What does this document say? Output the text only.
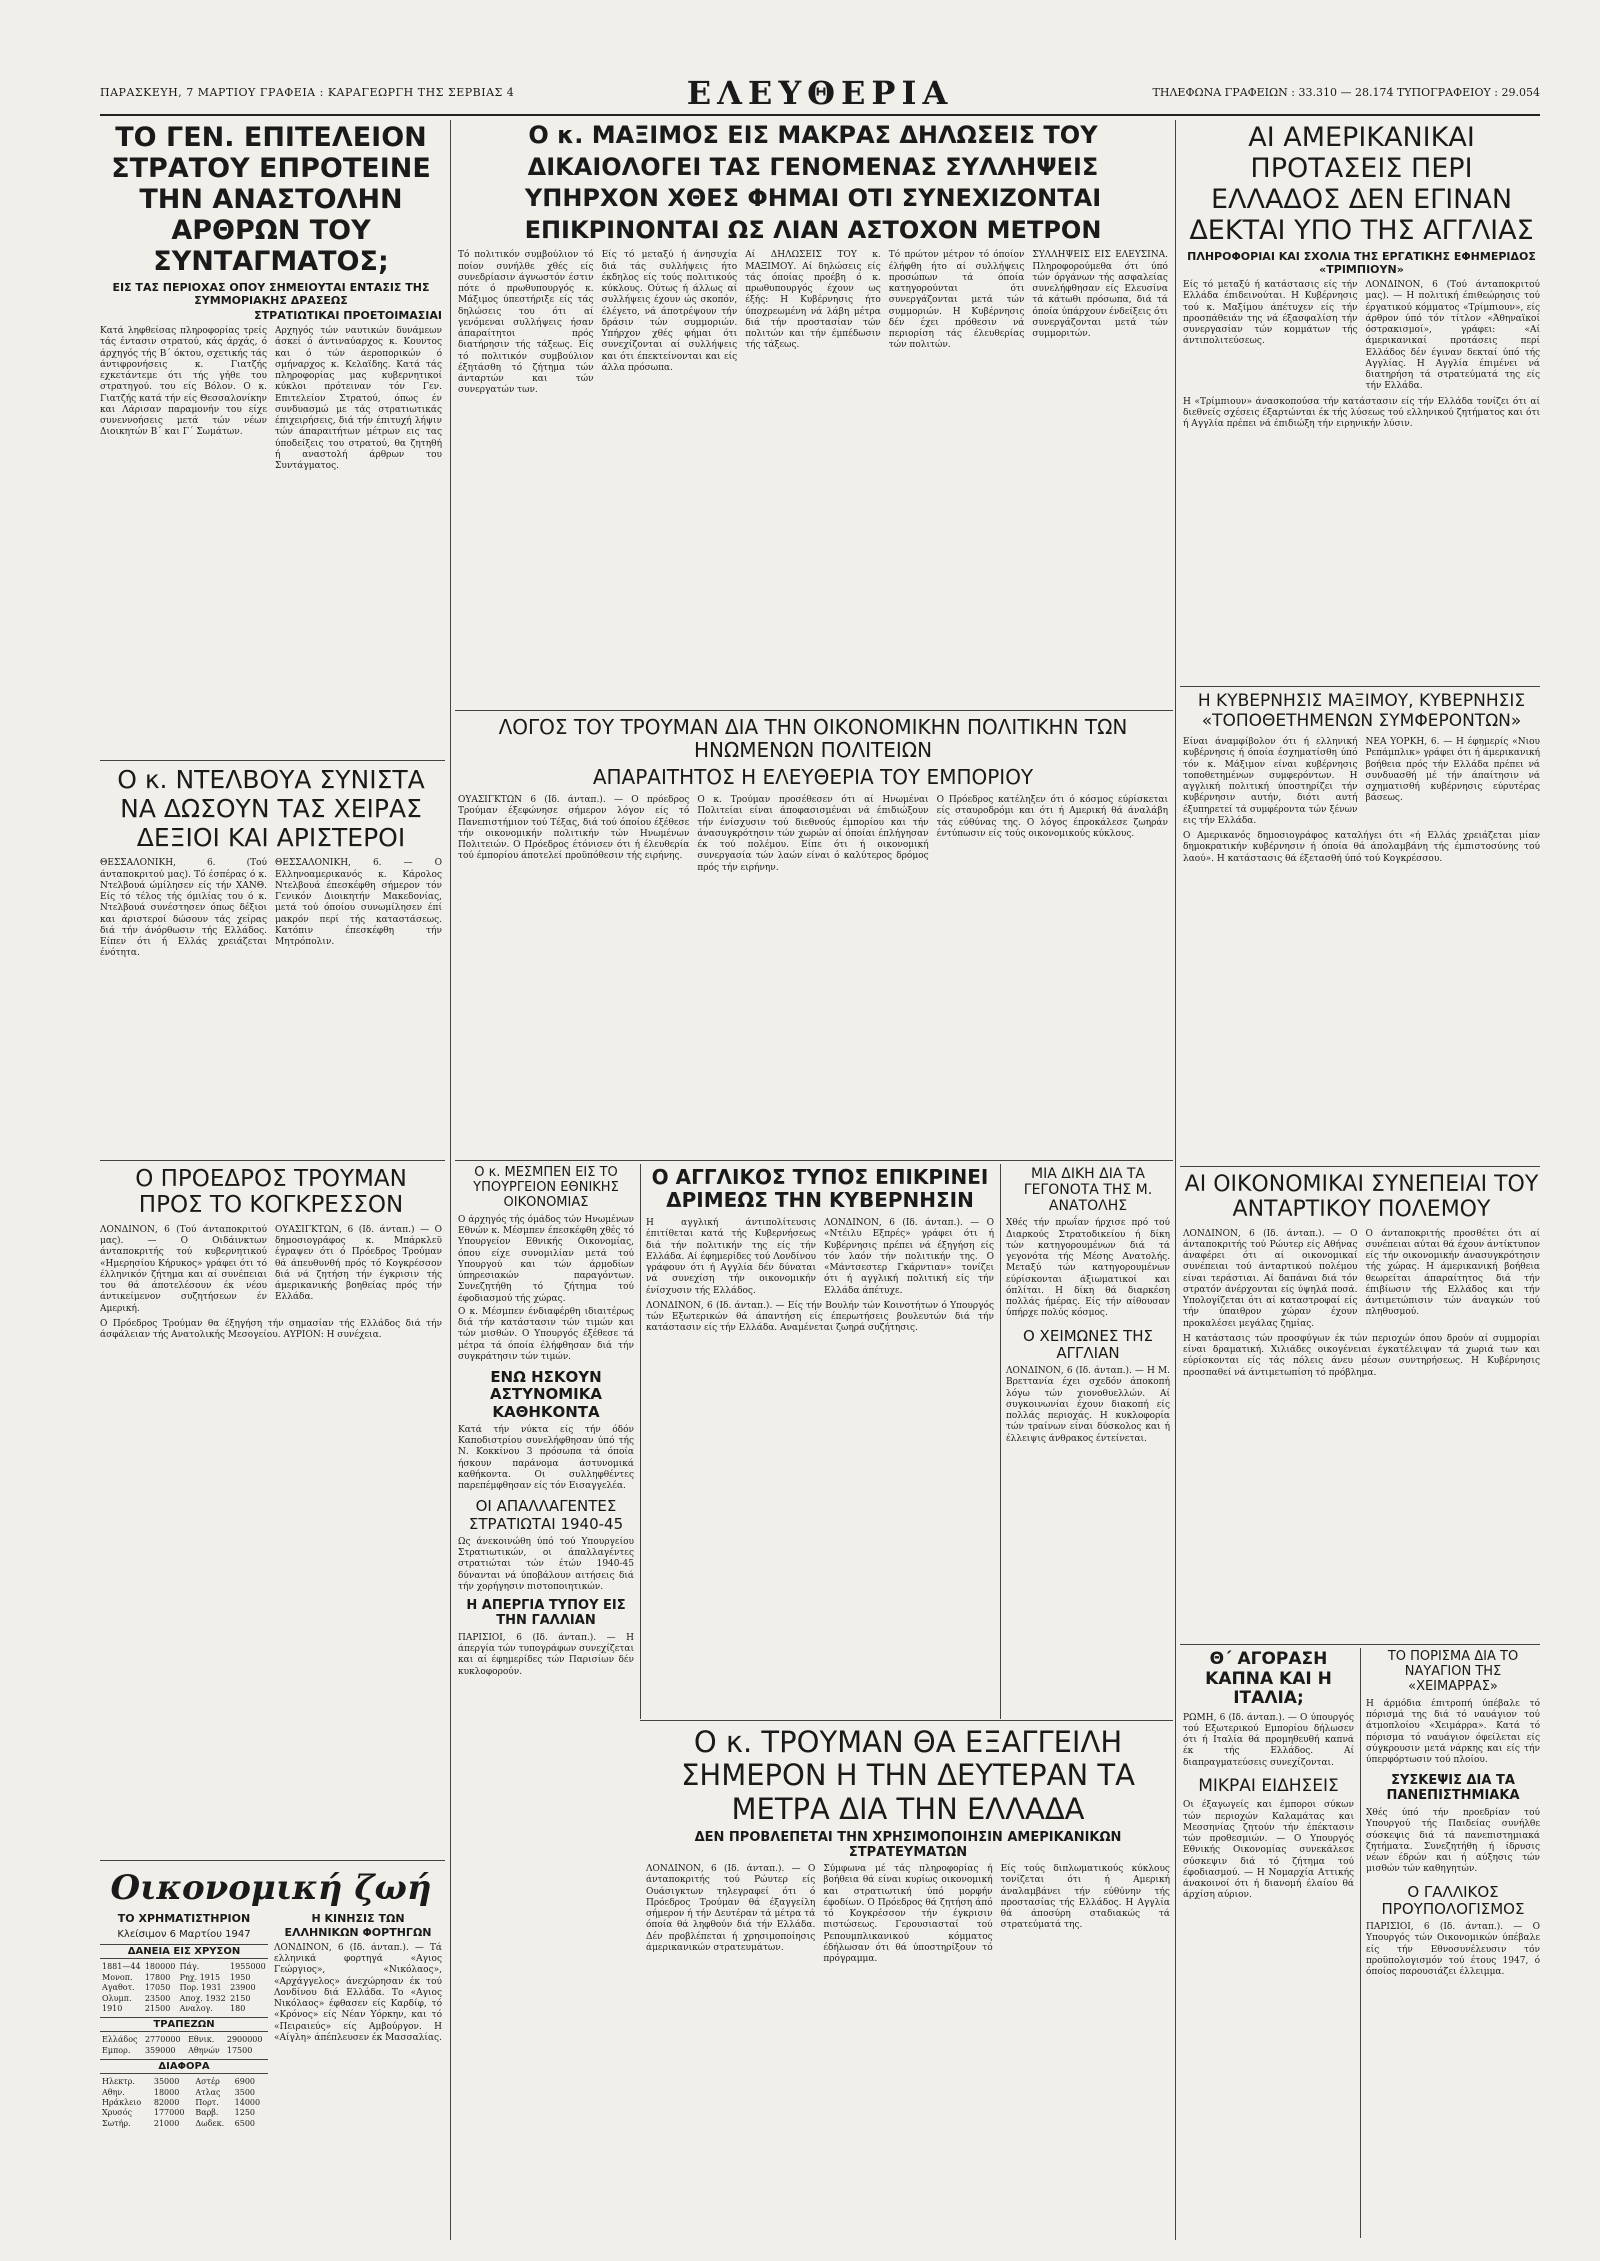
ΠΑΡΑΣΚΕΥΗ, 7 ΜΑΡΤΙΟΥ ΓΡΑΦΕΙΑ : ΚΑΡΑΓΕΩΡΓΗ ΤΗΣ ΣΕΡΒΙΑΣ 4	ΕΛΕΥΘΕΡΙΑ	ΤΗΛΕΦΩΝΑ ΓΡΑΦΕΙΩΝ : 33.310 — 28.174 ΤΥΠΟΓΡΑΦΕΙΟΥ : 29.054
ΤΟ ΓΕΝ. ΕΠΙΤΕΛΕΙΟΝ ΣΤΡΑΤΟΥ ΕΠΡΟΤΕΙΝΕ ΤΗΝ ΑΝΑΣΤΟΛΗΝ ΑΡΘΡΩΝ ΤΟΥ ΣΥΝΤΑΓΜΑΤΟΣ;
ΕΙΣ ΤΑΣ ΠΕΡΙΟΧΑΣ ΟΠΟΥ ΣΗΜΕΙΟΥΤΑΙ ΕΝΤΑΣΙΣ ΤΗΣ ΣΥΜΜΟΡΙΑΚΗΣ ΔΡΑΣΕΩΣ
ΣΤΡΑΤΙΩΤΙΚΑΙ ΠΡΟΕΤΟΙΜΑΣΙΑΙ
Κατά ληφθείσας πληροφορίας τρείς τάς έντασιν στρατού, κάς άρχάς, ό άρχηγός τής Β΄ όκτου, σχετικής τάς άντιφρονήσεις κ. Γιατζής εχκετάντεμε ότι τής γήθε του στρατηγού. του είς Βόλον. Ο κ. Γιατζής κατά τήν είς Θεσσαλονίκην και Λάρισαν παραμονήν του είχε συνεννοήσεις μετά τών νέων Διοικητών Β΄ και Γ΄ Σωμάτων.
Αρχηγός τών ναυτικών δυνάμεων άσκεί ό άντιναύαρχος κ. Κουντος και ό τών άεροπορικών ό σμήναρχος κ. Κελαϊδης. Κατά τάς πληροφορίας μας κυβερνητικοί κύκλοι πρότειναν τόν Γεν. Επιτελείον Στρατού, όπως έν συνδυασμώ με τάς στρατιωτικάς έπιχειρήσεις, διά τήν έπιτυχή λήψιν τών άπαραιτήτων μέτρων εις τας ύποδείξεις του στρατού, θα ζητηθή ή αναστολή άρθρων του Συντάγματος.
Ο κ. ΝΤΕΛΒΟΥΑ ΣΥΝΙΣΤΑ ΝΑ ΔΩΣΟΥΝ ΤΑΣ ΧΕΙΡΑΣ ΔΕΞΙΟΙ ΚΑΙ ΑΡΙΣΤΕΡΟΙ
ΘΕΣΣΑΛΟΝΙΚΗ, 6. (Τού άνταποκριτού μας). Τό έσπέρας ό κ. Ντελβουά ώμίλησεν είς τήν ΧΑΝΘ. Είς τό τέλος τής όμιλίας του ό κ. Ντελβουά συνέστησεν όπως δέξιοι και άριστεροί δώσουν τάς χείρας διά τήν άνόρθωσιν τής Ελλάδος. Είπεν ότι ή Ελλάς χρειάζεται ένότητα.
ΘΕΣΣΑΛΟΝΙΚΗ, 6. — Ο Ελληνοαμερικανός κ. Κάρολος Ντελβουά έπεσκέφθη σήμερον τόν Γενικόν Διοικητήν Μακεδονίας, μετά τού όποίου συνωμίλησεν έπί μακρόν περί τής καταστάσεως. Κατόπιν έπεσκέφθη τήν Μητρόπολιν.
Ο ΠΡΟΕΔΡΟΣ ΤΡΟΥΜΑΝ ΠΡΟΣ ΤΟ ΚΟΓΚΡΕΣΣΟΝ
ΛΟΝΔΙΝΟΝ, 6 (Τού άνταποκριτού μας). — Ο Οιδάινκτων άνταποκριτής τού κυβερνητικού «Ημερησίου Κήρυκος» γράφει ότι τό έλληνικόν ζήτημα και αί συνέπειαι του θά άποτελέσουν έκ νέου άντικείμενον συζητήσεων έν Αμερική.
ΟΥΑΣΙΓΚΤΩΝ, 6 (Ιδ. άνταπ.) — Ο δημοσιογράφος κ. Μπάρκλεϋ έγραψεν ότι ό Πρόεδρος Τρούμαν θά άπευθυνθή πρός τό Κογκρέσσον διά νά ζητήση τήν έγκρισιν τής άμερικανικής βοηθείας πρός τήν Ελλάδα.
Ο Πρόεδρος Τρούμαν θα έξηγήση τήν σημασίαν τής Ελλάδος διά τήν άσφάλειαν τής Ανατολικής Μεσογείου. ΑΥΡΙΟΝ: Η συνέχεια.
Οικονομική ζωή
ΤΟ ΧΡΗΜΑΤΙΣΤΗΡΙΟΝ
Κλείσιμον 6 Μαρτίου 1947
ΔΑΝΕΙΑ ΕΙΣ ΧΡΥΣΟΝ
1881—44	180000	Πάγ.	1955000
Μονοπ.	17800	Ρηχ. 1915	1950
Αγαθοτ.	17050	Πορ. 1931	23900
Ολυμπ.	23500	Αποχ. 1932	2150
1910	21500	Αναλογ.	180
ΤΡΑΠΕΖΩΝ
Ελλάδος	2770000	Εθνικ.	2900000
Εμπορ.	359000	Αθηνών	17500
ΔΙΑΦΟΡΑ
Ηλεκτρ.	35000	Αστέρ	6900
Αθην.	18000	Ατλας	3500
Ηράκλειο	82000	Πορτ.	14000
Χρυσός	177000	Βαρβ.	1250
Σωτήρ.	21000	Δωδεκ.	6500
Η ΚΙΝΗΣΙΣ ΤΩΝ ΕΛΛΗΝΙΚΩΝ ΦΟΡΤΗΓΩΝ
ΛΟΝΔΙΝΟΝ, 6 (Ιδ. άνταπ.). — Τά ελληνικά φορτηγά «Αγιος Γεώργιος», «Νικόλαος», «Αρχάγγελος» άνεχώρησαν έκ τού Λονδίνου διά Ελλάδα. Το «Αγιος Νικόλαος» έφθασεν είς Καρδίφ, τό «Κρόνος» είς Νέαν Υόρκην, και τό «Πειραιεύς» είς Αμβούργον. Η «Αίγλη» άπέπλευσεν έκ Μασσαλίας.
Ο κ. ΜΑΞΙΜΟΣ ΕΙΣ ΜΑΚΡΑΣ ΔΗΛΩΣΕΙΣ ΤΟΥ
ΔΙΚΑΙΟΛΟΓΕΙ ΤΑΣ ΓΕΝΟΜΕΝΑΣ ΣΥΛΛΗΨΕΙΣ
ΥΠΗΡΧΟΝ ΧΘΕΣ ΦΗΜΑΙ ΟΤΙ ΣΥΝΕΧΙΖΟΝΤΑΙ
ΕΠΙΚΡΙΝΟΝΤΑΙ ΩΣ ΛΙΑΝ ΑΣΤΟΧΟΝ ΜΕΤΡΟΝ
Τό πολιτικόν συμβούλιον τό ποίον συνήλθε χθές είς συνεδρίασιν άγνωστόν έστιν πότε ό πρωθυπουργός κ. Μάξιμος ύπεστήριξε είς τάς δηλώσεις του ότι αί γενόμεναι συλλήψεις ήσαν άπαραίτητοι πρός διατήρησιν τής τάξεως. Είς τό πολιτικόν συμβούλιον έξητάσθη τό ζήτημα τών άνταρτών και τών συνεργατών των.
Είς τό μεταξύ ή άνησυχία διά τάς συλλήψεις ήτο έκδηλος είς τούς πολιτικούς κύκλους. Ούτως ή άλλως αί συλλήψεις έχουν ώς σκοπόν, έλέγετο, νά άποτρέψουν τήν δράσιν τών συμμοριών. Υπήρχον χθές φήμαι ότι συνεχίζονται αί συλλήψεις και ότι έπεκτείνονται και είς άλλα πρόσωπα.
Αί ΔΗΛΩΣΕΙΣ ΤΟΥ κ. ΜΑΞΙΜΟΥ. Αί δηλώσεις είς τάς όποίας προέβη ό κ. πρωθυπουργός έχουν ως έξής: Η Κυβέρνησις ήτο ύποχρεωμένη νά λάβη μέτρα διά τήν προστασίαν τών πολιτών και τήν έμπέδωσιν τής τάξεως.
Τό πρώτον μέτρον τό όποίον έλήφθη ήτο αί συλλήψεις προσώπων τά όποία κατηγορούνται ότι συνεργάζονται μετά τών συμμοριών. Η Κυβέρνησις δέν έχει πρόθεσιν νά περιορίση τάς έλευθερίας τών πολιτών.
ΣΥΛΛΗΨΕΙΣ ΕΙΣ ΕΛΕΥΣΙΝΑ. Πληροφορούμεθα ότι ύπό τών όργάνων τής ασφαλείας συνελήφθησαν είς Ελευσίνα τά κάτωθι πρόσωπα, διά τά όποία ύπάρχουν ένδείξεις ότι συνεργάζονται μετά τών συμμοριτών.
ΛΟΓΟΣ ΤΟΥ ΤΡΟΥΜΑΝ ΔΙΑ ΤΗΝ ΟΙΚΟΝΟΜΙΚΗΝ ΠΟΛΙΤΙΚΗΝ ΤΩΝ ΗΝΩΜΕΝΩΝ ΠΟΛΙΤΕΙΩΝ
ΑΠΑΡΑΙΤΗΤΟΣ Η ΕΛΕΥΘΕΡΙΑ ΤΟΥ ΕΜΠΟΡΙΟΥ
ΟΥΑΣΙΓΚΤΩΝ 6 (Ιδ. άνταπ.). — Ο πρόεδρος Τρούμαν έξεφώνησε σήμερον λόγον είς τό Πανεπιστήμιον τού Τέξας, διά τού όποίου έξέθεσε τήν οικονομικήν πολιτικήν τών Ηνωμένων Πολιτειών. Ο Πρόεδρος έτόνισεν ότι ή έλευθερία τού έμπορίου άποτελεί προϋπόθεσιν τής ειρήνης.
Ο κ. Τρούμαν προσέθεσεν ότι αί Ηνωμέναι Πολιτείαι είναι άποφασισμέναι νά έπιδιώξουν τήν ένίσχυσιν τού διεθνούς έμπορίου και τήν άνασυγκρότησιν τών χωρών αί όποίαι έπλήγησαν έκ τού πολέμου. Είπε ότι ή οικονομική συνεργασία τών λαών είναι ό καλύτερος δρόμος πρός τήν ειρήνην.
Ο Πρόεδρος κατέληξεν ότι ό κόσμος εύρίσκεται είς σταυροδρόμι και ότι ή Αμερική θά άναλάβη τάς εύθύνας της. Ο λόγος έπροκάλεσε ζωηράν έντύπωσιν είς τούς οικονομικούς κύκλους.
Ο κ. ΜΕΣΜΠΕΝ ΕΙΣ ΤΟ ΥΠΟΥΡΓΕΙΟΝ ΕΘΝΙΚΗΣ ΟΙΚΟΝΟΜΙΑΣ
Ο άρχηγός τής όμάδος τών Ηνωμένων Εθνών κ. Μέσμπεν έπεσκέφθη χθές τό Υπουργείον Εθνικής Οικονομίας, όπου είχε συνομιλίαν μετά τού Υπουργού και τών άρμοδίων ύπηρεσιακών παραγόντων. Συνεζητήθη τό ζήτημα τού έφοδιασμού τής χώρας.
Ο κ. Μέσμπεν ένδιαφέρθη ιδιαιτέρως διά τήν κατάστασιν τών τιμών και τών μισθών. Ο Υπουργός έξέθεσε τά μέτρα τά όποία έλήφθησαν διά τήν συγκράτησιν τών τιμών.
ΕΝΩ ΗΣΚΟΥΝ ΑΣΤΥΝΟΜΙΚΑ ΚΑΘΗΚΟΝΤΑ
Κατά τήν νύκτα είς τήν όδόν Καποδιστρίου συνελήφθησαν ύπό τής Ν. Κοκκίνου 3 πρόσωπα τά όποία ήσκουν παράνομα άστυνομικά καθήκοντα. Οι συλληφθέντες παρεπέμφθησαν είς τόν Εισαγγελέα.
ΟΙ ΑΠΑΛΛΑΓΕΝΤΕΣ ΣΤΡΑΤΙΩΤΑΙ 1940-45
Ως άνεκοινώθη ύπό τού Υπουργείου Στρατιωτικών, οι άπαλλαγέντες στρατιώται τών έτών 1940-45 δύνανται νά ύποβάλουν αιτήσεις διά τήν χορήγησιν πιστοποιητικών.
Η ΑΠΕΡΓΙΑ ΤΥΠΟΥ ΕΙΣ ΤΗΝ ΓΑΛΛΙΑΝ
ΠΑΡΙΣΙΟΙ, 6 (Ιδ. άνταπ.). — Η άπεργία τών τυπογράφων συνεχίζεται και αί έφημερίδες τών Παρισίων δέν κυκλοφορούν.
Ο ΑΓΓΛΙΚΟΣ ΤΥΠΟΣ ΕΠΙΚΡΙΝΕΙ ΔΡΙΜΕΩΣ ΤΗΝ ΚΥΒΕΡΝΗΣΙΝ
Η αγγλική άντιπολίτευσις έπιτίθεται κατά τής Κυβερνήσεως διά τήν πολιτικήν της είς τήν Ελλάδα. Αί έφημερίδες τού Λονδίνου γράφουν ότι ή Αγγλία δέν δύναται νά συνεχίση τήν οικονομικήν ένίσχυσιν τής Ελλάδος.
ΛΟΝΔΙΝΟΝ, 6 (Ιδ. άνταπ.). — Ο «Ντέιλυ Εξπρές» γράφει ότι ή Κυβέρνησις πρέπει νά έξηγήση είς τόν λαόν τήν πολιτικήν της. Ο «Μάντσεστερ Γκάρντιαν» τονίζει ότι ή αγγλική πολιτική είς τήν Ελλάδα άπέτυχε.
ΛΟΝΔΙΝΟΝ, 6 (Ιδ. άνταπ.). — Είς τήν Βουλήν τών Κοινοτήτων ό Υπουργός τών Εξωτερικών θά άπαντήση είς έπερωτήσεις βουλευτών διά τήν κατάστασιν είς τήν Ελλάδα. Αναμένεται ζωηρά συζήτησις.
ΜΙΑ ΔΙΚΗ ΔΙΑ ΤΑ ΓΕΓΟΝΟΤΑ ΤΗΣ Μ. ΑΝΑΤΟΛΗΣ
Χθές τήν πρωΐαν ήρχισε πρό τού Διαρκούς Στρατοδικείου ή δίκη τών κατηγορουμένων διά τά γεγονότα τής Μέσης Ανατολής. Μεταξύ τών κατηγορουμένων εύρίσκονται άξιωματικοί και όπλίται. Η δίκη θά διαρκέση πολλάς ήμέρας. Είς τήν αίθουσαν ύπήρχε πολύς κόσμος.
Ο ΧΕΙΜΩΝΕΣ ΤΗΣ ΑΓΓΛΙΑΝ
ΛΟΝΔΙΝΟΝ, 6 (Ιδ. άνταπ.). — Η Μ. Βρεττανία έχει σχεδόν άποκοπή λόγω τών χιονοθυελλών. Αί συγκοινωνίαι έχουν διακοπή είς πολλάς περιοχάς. Η κυκλοφορία τών τραίνων είναι δύσκολος και ή έλλειψις άνθρακος έντείνεται.
Ο κ. ΤΡΟΥΜΑΝ ΘΑ ΕΞΑΓΓΕΙΛΗ ΣΗΜΕΡΟΝ Η ΤΗΝ ΔΕΥΤΕΡΑΝ ΤΑ ΜΕΤΡΑ ΔΙΑ ΤΗΝ ΕΛΛΑΔΑ
ΔΕΝ ΠΡΟΒΛΕΠΕΤΑΙ ΤΗΝ ΧΡΗΣΙΜΟΠΟΙΗΣΙΝ ΑΜΕΡΙΚΑΝΙΚΩΝ ΣΤΡΑΤΕΥΜΑΤΩΝ
ΛΟΝΔΙΝΟΝ, 6 (Ιδ. άνταπ.). — Ο άνταποκριτής τού Ρώυτερ είς Ουάσιγκτων τηλεγραφεί ότι ό Πρόεδρος Τρούμαν θά έξαγγείλη σήμερον ή τήν Δευτέραν τά μέτρα τά όποία θά ληφθούν διά τήν Ελλάδα. Δέν προβλέπεται ή χρησιμοποίησις άμερικανικών στρατευμάτων.
Σύμφωνα μέ τάς πληροφορίας ή βοήθεια θά είναι κυρίως οικονομική και στρατιωτική ύπό μορφήν έφοδίων. Ο Πρόεδρος θά ζητήση άπό τό Κογκρέσσον τήν έγκρισιν πιστώσεως. Γερουσιασταί τού Ρεπουμπλικανικού κόμματος έδήλωσαν ότι θά ύποστηρίξουν τό πρόγραμμα.
Είς τούς διπλωματικούς κύκλους τονίζεται ότι ή Αμερική άναλαμβάνει τήν εύθύνην τής προστασίας τής Ελλάδος. Η Αγγλία θά άποσύρη σταδιακώς τά στρατεύματά της.
ΑΙ ΑΜΕΡΙΚΑΝΙΚΑΙ ΠΡΟΤΑΣΕΙΣ ΠΕΡΙ ΕΛΛΑΔΟΣ ΔΕΝ ΕΓΙΝΑΝ ΔΕΚΤΑΙ ΥΠΟ ΤΗΣ ΑΓΓΛΙΑΣ
ΠΛΗΡΟΦΟΡΙΑΙ ΚΑΙ ΣΧΟΛΙΑ ΤΗΣ ΕΡΓΑΤΙΚΗΣ ΕΦΗΜΕΡΙΔΟΣ «ΤΡΙΜΠΙΟΥΝ»
Είς τό μεταξύ ή κατάστασις είς τήν Ελλάδα έπιδεινούται. Η Κυβέρνησις τού κ. Μαξίμου άπέτυχεν είς τήν προσπάθειάν της νά έξασφαλίση τήν συνεργασίαν τών κομμάτων τής άντιπολιτεύσεως.
ΛΟΝΔΙΝΟΝ, 6 (Τού άνταποκριτού μας). — Η πολιτική έπιθεώρησις τού έργατικού κόμματος «Τρίμπιουν», είς άρθρον ύπό τόν τίτλον «Άθηναϊκοί όστρακισμοί», γράφει: «Αί άμερικανικαί προτάσεις περί Ελλάδος δέν έγιναν δεκταί ύπό τής Αγγλίας. Η Αγγλία έπιμένει νά διατηρήση τά στρατεύματά της είς τήν Ελλάδα.
Η «Τρίμπιουν» άνασκοπούσα τήν κατάστασιν είς τήν Ελλάδα τονίζει ότι αί διεθνείς σχέσεις έξαρτώνται έκ τής λύσεως τού ελληνικού ζητήματος και ότι ή Αγγλία πρέπει νά έπιδιώξη τήν ειρηνικήν λύσιν.
Η ΚΥΒΕΡΝΗΣΙΣ ΜΑΞΙΜΟΥ, ΚΥΒΕΡΝΗΣΙΣ «ΤΟΠΟΘΕΤΗΜΕΝΩΝ ΣΥΜΦΕΡΟΝΤΩΝ»
Είναι άναμφίβολον ότι ή ελληνική κυβέρνησις ή όποία έσχηματίσθη ύπό τόν κ. Μάξιμον είναι κυβέρνησις τοποθετημένων συμφερόντων. Η αγγλική πολιτική ύποστηρίζει τήν κυβέρνησιν αυτήν, διότι αυτή έξυπηρετεί τά συμφέροντα τών ξένων εις τήν Ελλάδα.
ΝΕΑ ΥΟΡΚΗ, 6. — Η έφημερίς «Νιου Ρεπάμπλικ» γράφει ότι ή άμερικανική βοήθεια πρός τήν Ελλάδα πρέπει νά συνδυασθή μέ τήν άπαίτησιν νά σχηματισθή κυβέρνησις εύρυτέρας βάσεως.
Ο Αμερικανός δημοσιογράφος καταλήγει ότι «ή Ελλάς χρειάζεται μίαν δημοκρατικήν κυβέρνησιν ή όποία θά άπολαμβάνη τής έμπιστοσύνης τού λαού». Η κατάστασις θά έξετασθή ύπό τού Κογκρέσσου.
ΑΙ ΟΙΚΟΝΟΜΙΚΑΙ ΣΥΝΕΠΕΙΑΙ ΤΟΥ ΑΝΤΑΡΤΙΚΟΥ ΠΟΛΕΜΟΥ
ΛΟΝΔΙΝΟΝ, 6 (Ιδ. άνταπ.). — Ο άνταποκριτής τού Ρώυτερ είς Αθήνας άναφέρει ότι αί οικονομικαί συνέπειαι τού άνταρτικού πολέμου είναι τεράστιαι. Αί δαπάναι διά τόν στρατόν άνέρχονται είς ύψηλά ποσά. Υπολογίζεται ότι αί καταστροφαί είς τήν ύπαιθρον χώραν έχουν προκαλέσει μεγάλας ζημίας.
Ο άνταποκριτής προσθέτει ότι αί συνέπειαι αύται θά έχουν άντίκτυπον είς τήν οικονομικήν άνασυγκρότησιν τής χώρας. Η άμερικανική βοήθεια θεωρείται άπαραίτητος διά τήν έπιβίωσιν τής Ελλάδος και τήν άντιμετώπισιν τών άναγκών τού πληθυσμού.
Η κατάστασις τών προσφύγων έκ τών περιοχών όπου δρούν αί συμμορίαι είναι δραματική. Χιλιάδες οικογένειαι έγκατέλειψαν τά χωριά των και εύρίσκονται είς τάς πόλεις άνευ μέσων συντηρήσεως. Η Κυβέρνησις προσπαθεί νά άντιμετωπίση τό πρόβλημα.
Θ΄ ΑΓΟΡΑΣΗ ΚΑΠΝΑ ΚΑΙ Η ΙΤΑΛΙΑ;
ΡΩΜΗ, 6 (Ιδ. άνταπ.). — Ο ύπουργός τού Εξωτερικού Εμπορίου δήλωσεν ότι ή Ιταλία θά προμηθευθή καπνά έκ τής Ελλάδος. Αί διαπραγματεύσεις συνεχίζονται.
ΜΙΚΡΑΙ ΕΙΔΗΣΕΙΣ
Οι έξαγωγείς και έμποροι σύκων τών περιοχών Καλαμάτας και Μεσσηνίας ζητούν τήν έπέκτασιν τών προθεσμιών. — Ο Υπουργός Εθνικής Οικονομίας συνεκάλεσε σύσκεψιν διά τό ζήτημα τού έφοδιασμού. — Η Νομαρχία Αττικής άνακοινοί ότι ή διανομή έλαίου θά άρχίση αύριον.
ΤΟ ΠΟΡΙΣΜΑ ΔΙΑ ΤΟ ΝΑΥΑΓΙΟΝ ΤΗΣ «ΧΕΙΜΑΡΡΑΣ»
Η άρμόδια έπιτροπή ύπέβαλε τό πόρισμά της διά τό ναυάγιον τού άτμοπλοίου «Χειμάρρα». Κατά τό πόρισμα τό ναυάγιον όφείλεται είς σύγκρουσιν μετά νάρκης και είς τήν ύπερφόρτωσιν τού πλοίου.
ΣΥΣΚΕΨΙΣ ΔΙΑ ΤΑ ΠΑΝΕΠΙΣΤΗΜΙΑΚΑ
Χθές ύπό τήν προεδρίαν τού Υπουργού τής Παιδείας συνήλθε σύσκεψις διά τά πανεπιστημιακά ζητήματα. Συνεζητήθη ή ίδρυσις νέων έδρών και ή αύξησις τών μισθών τών καθηγητών.
Ο ΓΑΛΛΙΚΟΣ ΠΡΟΥΠΟΛΟΓΙΣΜΟΣ
ΠΑΡΙΣΙΟΙ, 6 (Ιδ. άνταπ.). — Ο Υπουργός τών Οικονομικών ύπέβαλε είς τήν Εθνοσυνέλευσιν τόν προϋπολογισμόν τού έτους 1947, ό όποίος παρουσιάζει έλλειμμα.
